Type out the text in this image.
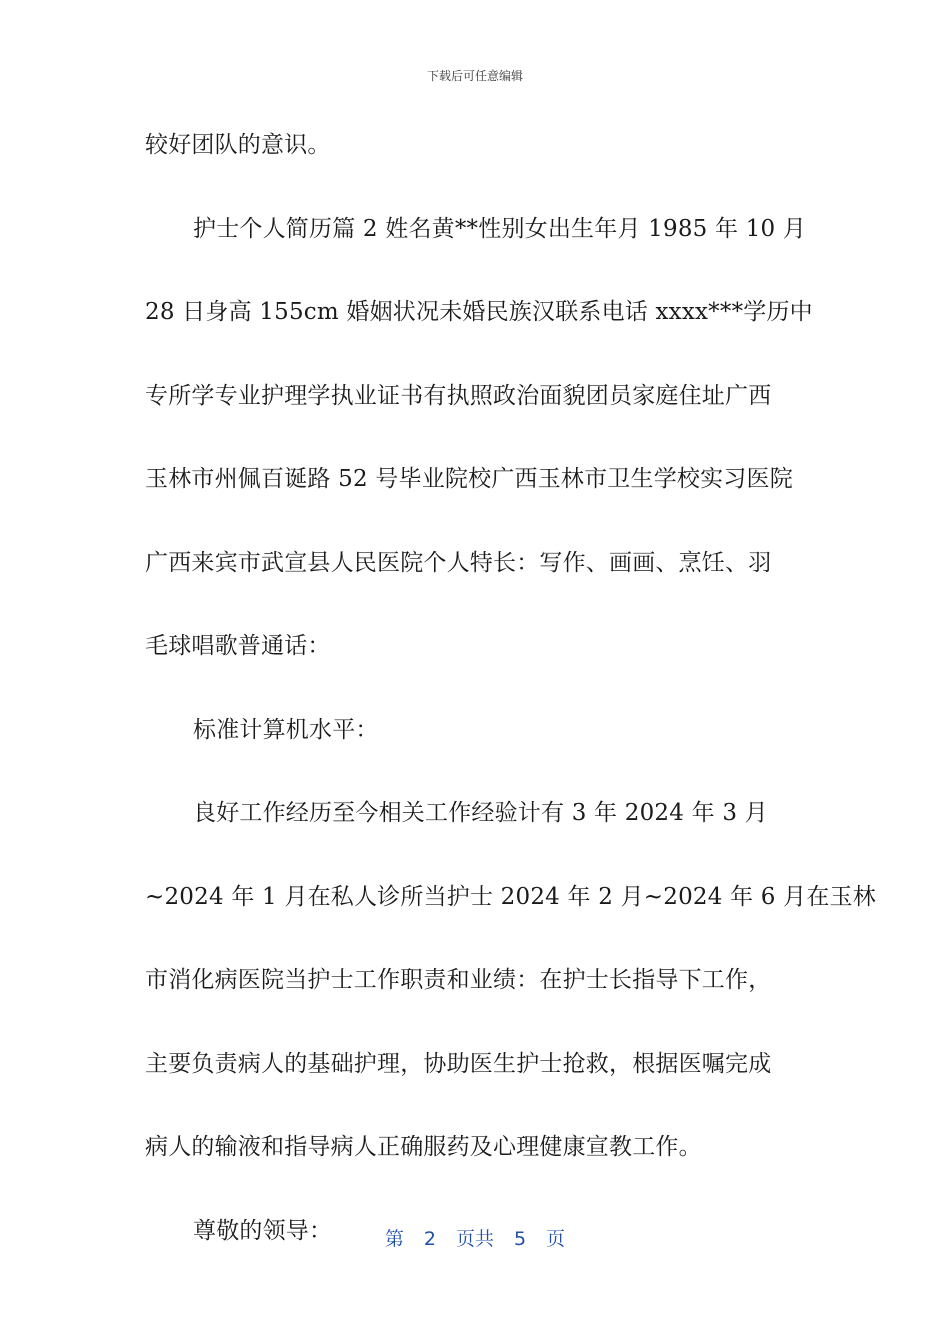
下载后可任意编辑
较好团队的意识。
护士个人简历篇 2 姓名黄**性别女出生年月 1985 年 10 月
28 日身高 155cm 婚姻状况未婚民族汉联系电话 xxxx***学历中
专所学专业护理学执业证书有执照政治面貌团员家庭住址广西
玉林市州佩百诞路 52 号毕业院校广西玉林市卫生学校实习医院
广西来宾市武宣县人民医院个人特长：写作、画画、烹饪、羽
毛球唱歌普通话：
标准计算机水平：
良好工作经历至今相关工作经验计有 3 年 2024 年 3 月
~2024 年 1 月在私人诊所当护士 2024 年 2 月~2024 年 6 月在玉林
市消化病医院当护士工作职责和业绩：在护士长指导下工作，
主要负责病人的基础护理，协助医生护士抢救，根据医嘱完成
病人的输液和指导病人正确服药及心理健康宣教工作。
尊敬的领导：	第 2 页共 5 页
